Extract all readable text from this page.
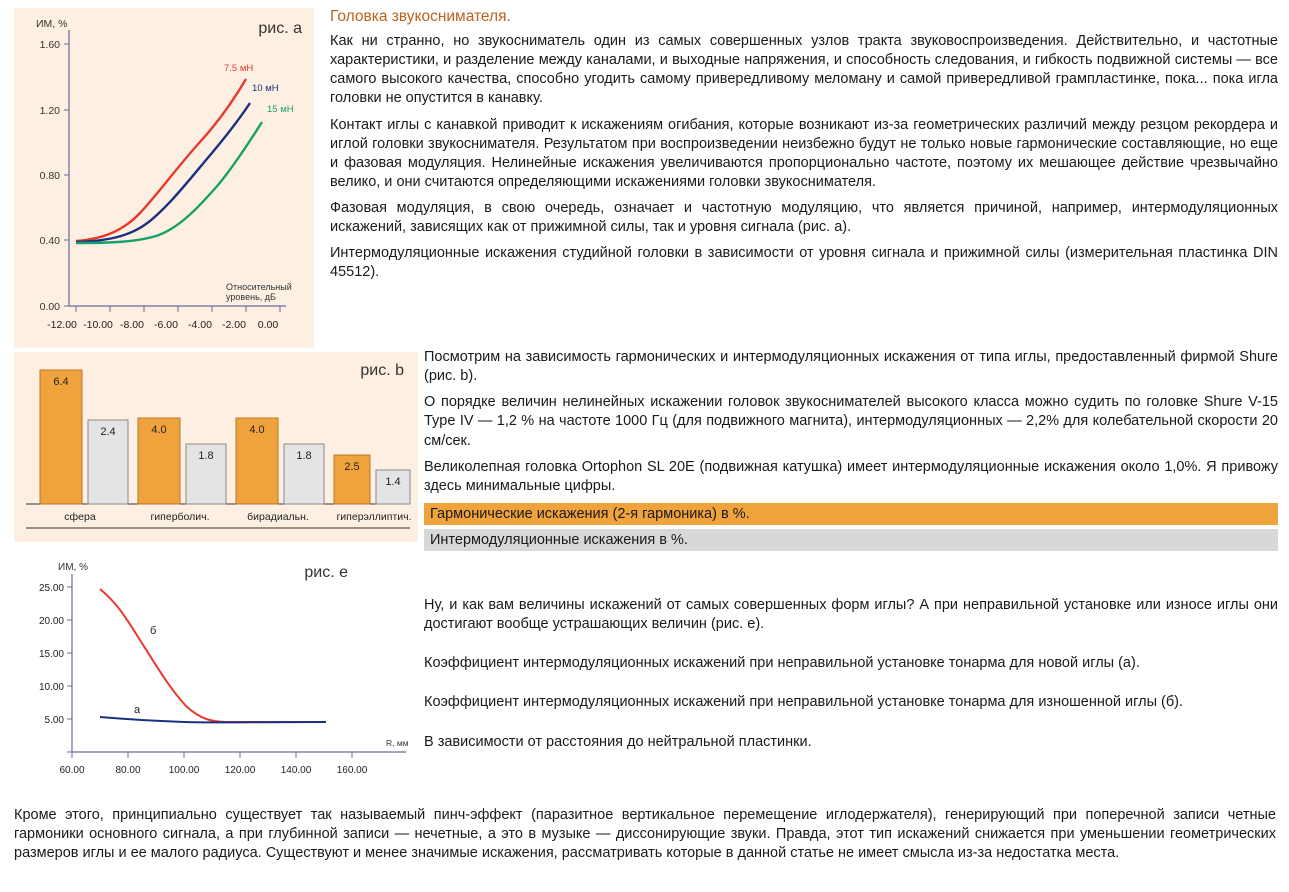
рис. а
ИМ, %
1.60
1.20
0.80
0.40
0.00
-12.00 -10.00 -8.00 -6.00 -4.00 -2.00 0.00
Относительный
уровень, дБ
7.5 мН
10 мН
15 мН
Головка звукоснимателя.

Как ни странно, но звукосниматель один из самых совершенных узлов тракта звуковоспроизведения. Действительно, и частотные характеристики, и разделение между каналами, и выходные напряжения, и способность следования, и гибкость подвижной системы — все самого высокого качества, способно угодить самому привередливому меломану и самой привередливой грампластинке, пока... пока игла головки не опустится в канавку.

Контакт иглы с канавкой приводит к искажениям огибания, которые возникают из-за геометрических различий между резцом рекордера и иглой головки звукоснимателя. Результатом при воспроизведении неизбежно будут не только новые гармонические составляющие, но еще и фазовая модуляция. Нелинейные искажения увеличиваются пропорционально частоте, поэтому их мешающее действие чрезвычайно велико, и они считаются определяющими искажениями головки звукоснимателя.

Фазовая модуляция, в свою очередь, означает и частотную модуляцию, что является причиной, например, интермодуляционных искажений, зависящих как от прижимной силы, так и уровня сигнала (рис. а).

Интермодуляционные искажения студийной головки в зависимости от уровня сигнала и прижимной силы (измерительная пластинка DIN 45512).

рис. b
6.4
2.4	4.0
1.8
4.0
1.8
2.5
1.4
сфера	гиперболич.	бирадиальн.	гиперэллиптич.

Посмотрим на зависимость гармонических и интермодуляционных искажения от типа иглы, предоставленный фирмой Shure (рис. b).

О порядке величин нелинейных искажении головок звукоснимателей высокого класса можно судить по головке Shure V-15 Type IV — 1,2 % на частоте 1000 Гц (для подвижного магнита), интермодуляционных — 2,2% для колебательной скорости 20 см/сек.

Великолепная головка Ortophon SL 20E (подвижная катушка) имеет интермодуляционные искажения около 1,0%. Я привожу здесь минимальные цифры.

Гармонические искажения (2-я гармоника) в %.
Интермодуляционные искажения в %.
рис. е
ИМ, %
25.00
20.00
15.00
10.00
5.00
60.00	80.00	100.00	120.00	140.00	160.00
R, мм
б
а

Ну, и как вам величины искажений от самых совершенных форм иглы? А при неправильной установке или износе иглы они достигают вообще устрашающих величин (рис. е).

Коэффициент интермодуляционных искажений при неправильной установке тонарма для новой иглы (а).

Коэффициент интермодуляционных искажений при неправильной установке тонарма для изношенной иглы (б).

В зависимости от расстояния до нейтральной пластинки.

Кроме этого, принципиально существует так называемый пинч-эффект (паразитное вертикальное перемещение иглодержателя), генерирующий при поперечной записи четные гармоники основного сигнала, а при глубинной записи — нечетные, а это в музыке — диссонирующие звуки. Правда, этот тип искажений снижается при уменьшении геометрических размеров иглы и ее малого радиуса. Существуют и менее значимые искажения, рассматривать которые в данной статье не имеет смысла из-за недостатка места.
